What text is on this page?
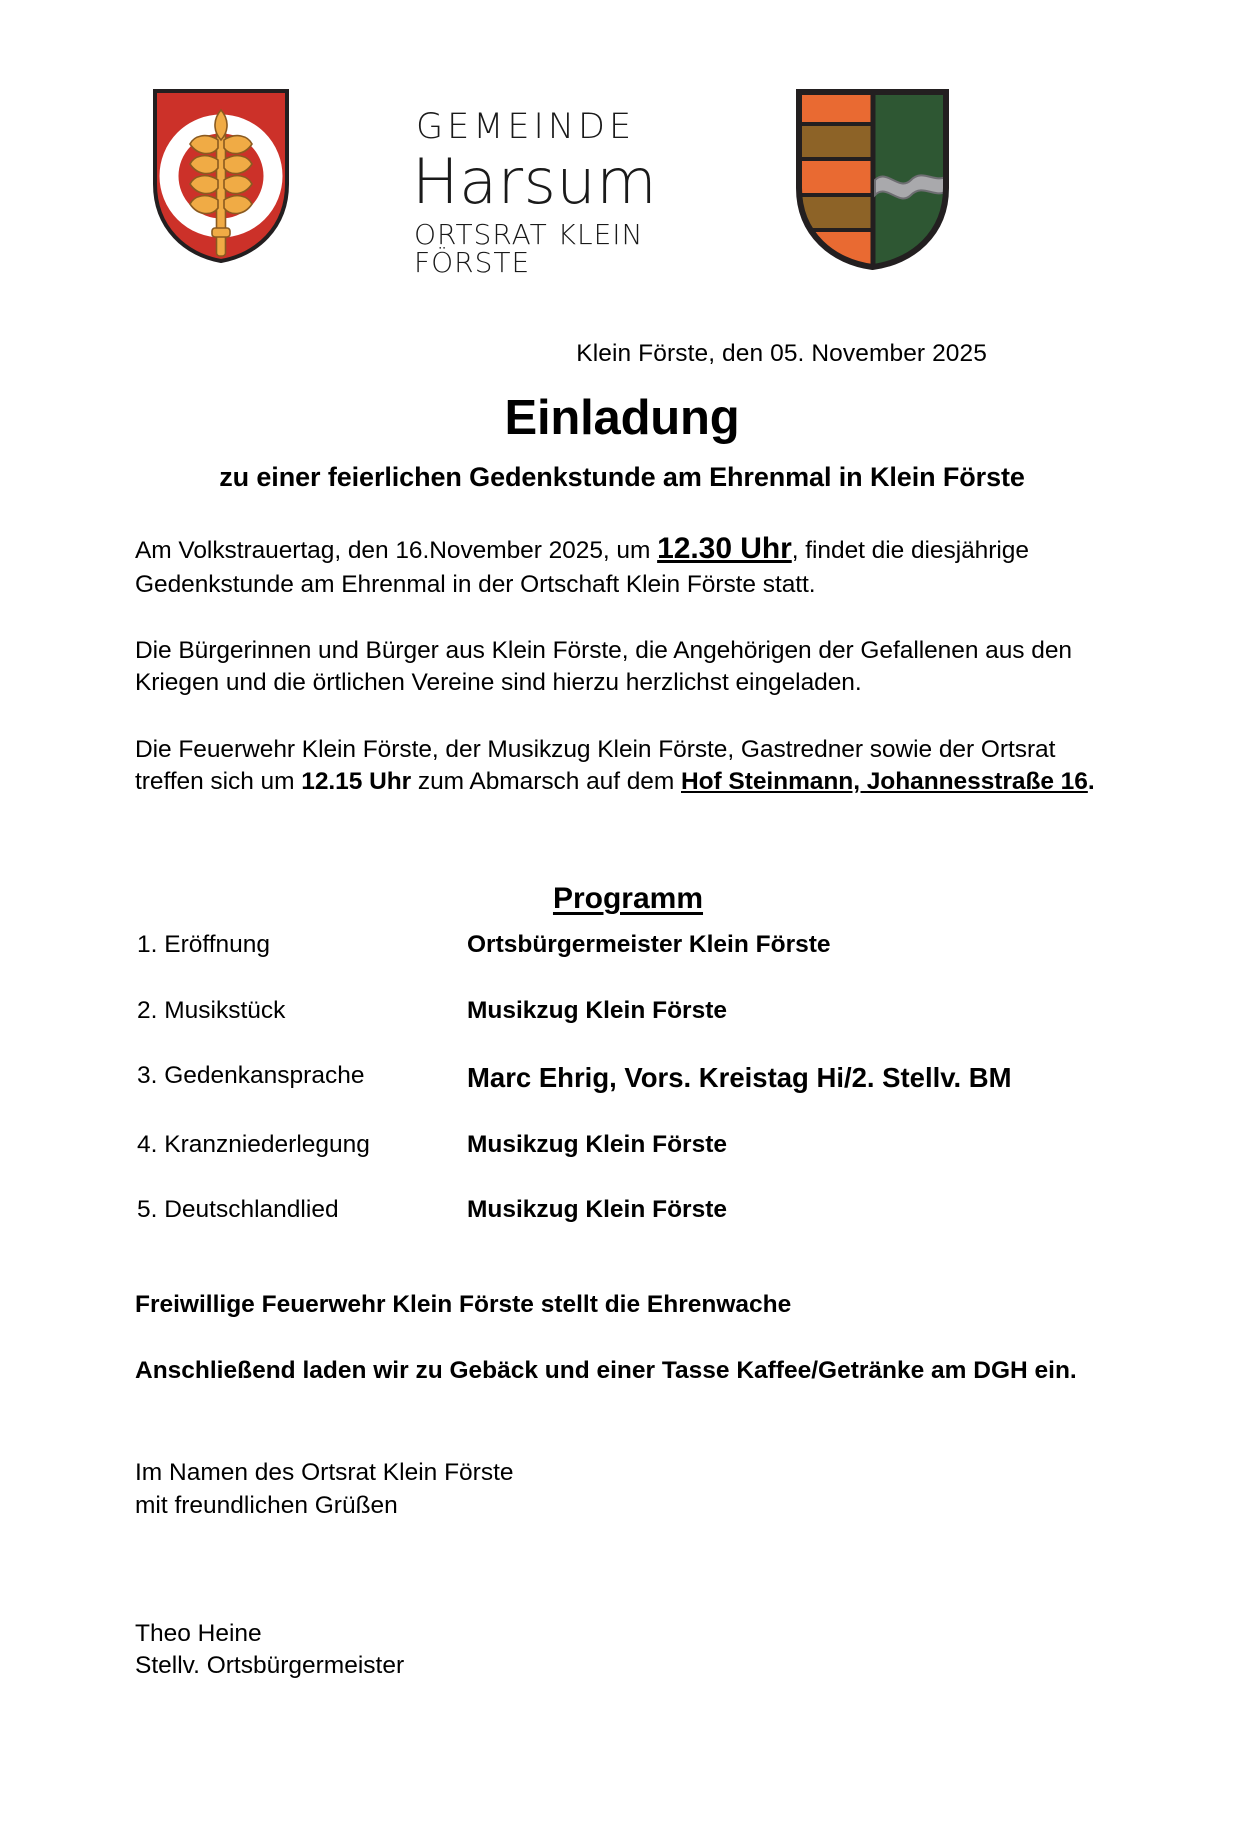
GEMEINDE
Harsum
ORTSRAT KLEIN FÖRSTE
Klein Förste, den 05. November 2025
Einladung
zu einer feierlichen Gedenkstunde am Ehrenmal in Klein Förste

Am Volkstrauertag, den 16.November 2025, um 12.30 Uhr, findet die diesjährige Gedenkstunde am Ehrenmal in der Ortschaft Klein Förste statt.

Die Bürgerinnen und Bürger aus Klein Förste, die Angehörigen der Gefallenen aus den Kriegen und die örtlichen Vereine sind hierzu herzlichst eingeladen.

Die Feuerwehr Klein Förste, der Musikzug Klein Förste, Gastredner sowie der Ortsrat treffen sich um 12.15 Uhr zum Abmarsch auf dem Hof Steinmann, Johannesstraße 16.

Programm
1. Eröffnung	Ortsbürgermeister Klein Förste
2. Musikstück	Musikzug Klein Förste
3. Gedenkansprache	Marc Ehrig, Vors. Kreistag Hi/2. Stellv. BM
4. Kranzniederlegung	Musikzug Klein Förste
5. Deutschlandlied	Musikzug Klein Förste

Freiwillige Feuerwehr Klein Förste stellt die Ehrenwache

Anschließend laden wir zu Gebäck und einer Tasse Kaffee/Getränke am DGH ein.

Im Namen des Ortsrat Klein Förste
mit freundlichen Grüßen

Theo Heine
Stellv. Ortsbürgermeister
